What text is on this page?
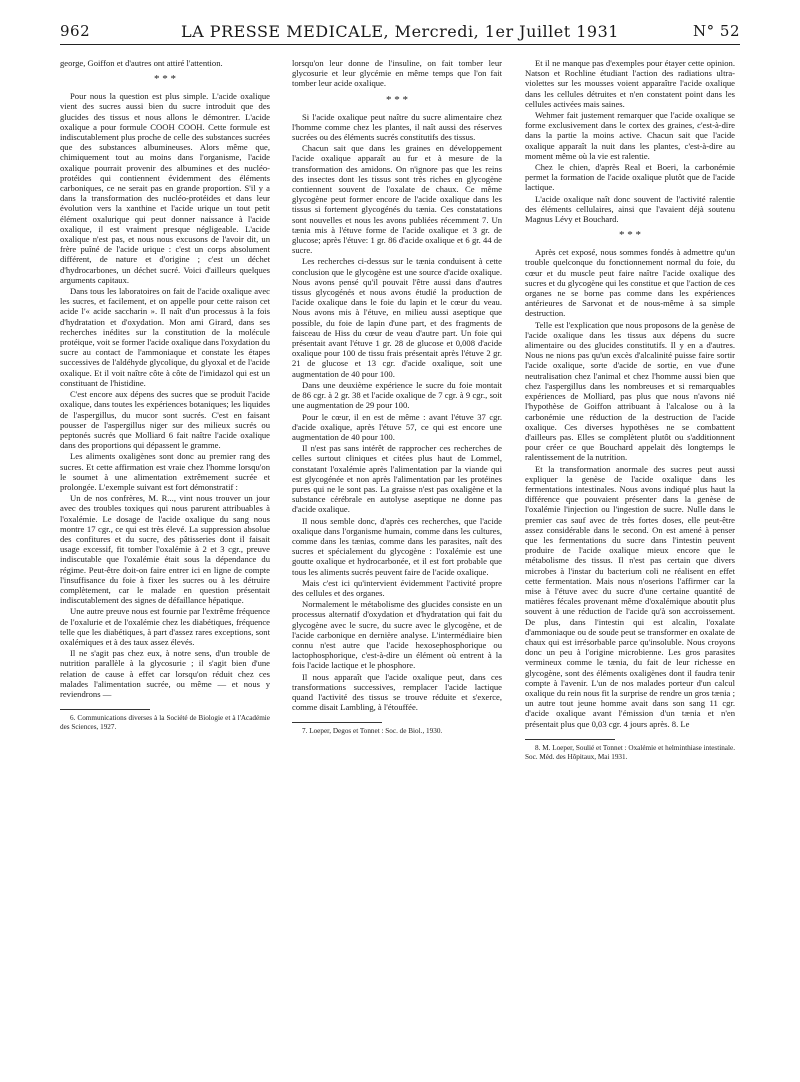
962	LA PRESSE MEDICALE, Mercredi, 1er Juillet 1931	N° 52

george, Goiffon et d'autres ont attiré l'attention.

* * *

Pour nous la question est plus simple. L'acide oxalique vient des sucres aussi bien du sucre introduit que des glucides des tissus et nous allons le démontrer. L'acide oxalique a pour formule COOH COOH. Cette formule est indiscutablement plus proche de celle des substances sucrées que des substances albumineuses. Alors même que, chimiquement tout au moins dans l'organisme, l'acide oxalique pourrait provenir des albumines et des nucléo-protéides qui contiennent évidemment des éléments carboniques, ce ne serait pas en grande proportion. S'il y a dans la transformation des nucléo-protéides et dans leur évolution vers la xanthine et l'acide urique un tout petit élément oxalurique qui peut donner naissance à l'acide oxalique, il est vraiment presque négligeable. L'acide oxalique n'est pas, et nous nous excusons de l'avoir dit, un frère puîné de l'acide urique : c'est un corps absolument différent, de nature et d'origine ; c'est un déchet d'hydrocarbones, un déchet sucré. Voici d'ailleurs quelques arguments capitaux.

Dans tous les laboratoires on fait de l'acide oxalique avec les sucres, et facilement, et on appelle pour cette raison cet acide l'« acide saccharin ». Il naît d'un processus à la fois d'hydratation et d'oxydation. Mon ami Girard, dans ses recherches inédites sur la constitution de la molécule protéique, voit se former l'acide oxalique dans l'oxydation du sucre au contact de l'ammoniaque et constate les étapes successives de l'aldéhyde glycolique, du glyoxal et de l'acide oxalique. Et il voit naître côte à côte de l'imidazol qui est un constituant de l'histidine.

C'est encore aux dépens des sucres que se produit l'acide oxalique, dans toutes les expériences botaniques; les liquides de l'aspergillus, du mucor sont sucrés. C'est en faisant pousser de l'aspergillus niger sur des milieux sucrés ou peptonés sucrés que Molliard 6 fait naître l'acide oxalique dans des proportions qui dépassent le gramme.

Les aliments oxaligènes sont donc au premier rang des sucres. Et cette affirmation est vraie chez l'homme lorsqu'on le soumet à une alimentation extrêmement sucrée et prolongée. L'exemple suivant est fort démonstratif :

Un de nos confrères, M. R..., vint nous trouver un jour avec des troubles toxiques qui nous parurent attribuables à l'oxalémie. Le dosage de l'acide oxalique du sang nous montre 17 cgr., ce qui est très élevé. La suppression absolue des confitures et du sucre, des pâtisseries dont il faisait usage excessif, fit tomber l'oxalémie à 2 et 3 cgr., preuve indiscutable que l'oxalémie était sous la dépendance du régime. Peut-être doit-on faire entrer ici en ligne de compte l'insuffisance du foie à fixer les sucres ou à les détruire complètement, car le malade en question présentait indiscutablement des signes de défaillance hépatique.

Une autre preuve nous est fournie par l'extrême fréquence de l'oxalurie et de l'oxalémie chez les diabétiques, fréquence telle que les diabétiques, à part d'assez rares exceptions, sont oxalémiques et à des taux assez élevés.

Il ne s'agit pas chez eux, à notre sens, d'un trouble de nutrition parallèle à la glycosurie ; il s'agit bien d'une relation de cause à effet car lorsqu'on réduit chez ces malades l'alimentation sucrée, ou même — et nous y reviendrons —

6. Communications diverses à la Société de Biologie et à l'Académie des Sciences, 1927.

lorsqu'on leur donne de l'insuline, on fait tomber leur glycosurie et leur glycémie en même temps que l'on fait tomber leur acide oxalique.

* * *

Si l'acide oxalique peut naître du sucre alimentaire chez l'homme comme chez les plantes, il naît aussi des réserves sucrées ou des éléments sucrés constitutifs des tissus.

Chacun sait que dans les graines en développement l'acide oxalique apparaît au fur et à mesure de la transformation des amidons. On n'ignore pas que les reins des insectes dont les tissus sont très riches en glycogène contiennent souvent de l'oxalate de chaux. Ce même glycogène peut former encore de l'acide oxalique dans les tissus si fortement glycogénés du tænia. Ces constatations sont nouvelles et nous les avons publiées récemment 7. Un tænia mis à l'étuve forme de l'acide oxalique et 3 gr. de glucose; après l'étuve: 1 gr. 86 d'acide oxalique et 6 gr. 44 de sucre.

Les recherches ci-dessus sur le tænia conduisent à cette conclusion que le glycogène est une source d'acide oxalique. Nous avons pensé qu'il pouvait l'être aussi dans d'autres tissus glycogénés et nous avons étudié la production de l'acide oxalique dans le foie du lapin et le cœur du veau. Nous avons mis à l'étuve, en milieu aussi aseptique que possible, du foie de lapin d'une part, et des fragments de faisceau de Hiss du cœur de veau d'autre part. Un foie qui présentait avant l'étuve 1 gr. 28 de glucose et 0,008 d'acide oxalique pour 100 de tissu frais présentait après l'étuve 2 gr. 21 de glucose et 13 cgr. d'acide oxalique, soit une augmentation de 40 pour 100.

Dans une deuxième expérience le sucre du foie montait de 86 cgr. à 2 gr. 38 et l'acide oxalique de 7 cgr. à 9 cgr., soit une augmentation de 29 pour 100.

Pour le cœur, il en est de même : avant l'étuve 37 cgr. d'acide oxalique, après l'étuve 57, ce qui est encore une augmentation de 40 pour 100.

Il n'est pas sans intérêt de rapprocher ces recherches de celles surtout cliniques et citées plus haut de Lommel, constatant l'oxalémie après l'alimentation par la viande qui est glycogénée et non après l'alimentation par les protéines pures qui ne le sont pas. La graisse n'est pas oxaligène et la substance cérébrale en autolyse aseptique ne donne pas d'acide oxalique.

Il nous semble donc, d'après ces recherches, que l'acide oxalique dans l'organisme humain, comme dans les cultures, comme dans les tænias, comme dans les parasites, naît des sucres et spécialement du glycogène : l'oxalémie est une goutte oxalique et hydrocarbonée, et il est fort probable que tous les aliments sucrés peuvent faire de l'acide oxalique.

Mais c'est ici qu'intervient évidemment l'activité propre des cellules et des organes.

Normalement le métabolisme des glucides consiste en un processus alternatif d'oxydation et d'hydratation qui fait du glycogène avec le sucre, du sucre avec le glycogène, et de l'acide carbonique en dernière analyse. L'intermédiaire bien connu n'est autre que l'acide hexosephosphorique ou lactophosphorique, c'est-à-dire un élément où entrent à la fois l'acide lactique et le phosphore.

Il nous apparaît que l'acide oxalique peut, dans ces transformations successives, remplacer l'acide lactique quand l'activité des tissus se trouve réduite et s'exerce, comme disait Lambling, à l'étouffée.

7. Loeper, Degos et Tonnet : Soc. de Biol., 1930.

Et il ne manque pas d'exemples pour étayer cette opinion. Natson et Rochline étudiant l'action des radiations ultra-violettes sur les mousses voient apparaître l'acide oxalique dans les cellules détruites et n'en constatent point dans les cellules activées mais saines.

Wehmer fait justement remarquer que l'acide oxalique se forme exclusivement dans le cortex des graines, c'est-à-dire dans la partie la moins active. Chacun sait que l'acide oxalique apparaît la nuit dans les plantes, c'est-à-dire au moment même où la vie est ralentie.

Chez le chien, d'après Real et Boeri, la carbonémie permet la formation de l'acide oxalique plutôt que de l'acide lactique.

L'acide oxalique naît donc souvent de l'activité ralentie des éléments cellulaires, ainsi que l'avaient déjà soutenu Magnus Lévy et Bouchard.

* * *

Après cet exposé, nous sommes fondés à admettre qu'un trouble quelconque du fonctionnement normal du foie, du cœur et du muscle peut faire naître l'acide oxalique des sucres et du glycogène qui les constitue et que l'action de ces organes ne se borne pas comme dans les expériences antérieures de Sarvonat et de nous-même à sa simple destruction.

Telle est l'explication que nous proposons de la genèse de l'acide oxalique dans les tissus aux dépens du sucre alimentaire ou des glucides constitutifs. Il y en a d'autres. Nous ne nions pas qu'un excès d'alcalinité puisse faire sortir l'acide oxalique, sorte d'acide de sortie, en vue d'une neutralisation chez l'animal et chez l'homme aussi bien que chez l'aspergillus dans les nombreuses et si remarquables expériences de Molliard, pas plus que nous n'avons nié l'hypothèse de Goiffon attribuant à l'alcalose ou à la carbonémie une réduction de la destruction de l'acide oxalique. Ces diverses hypothèses ne se combattent d'ailleurs pas. Elles se complètent plutôt ou s'additionnent pour créer ce que Bouchard appelait dès longtemps le ralentissement de la nutrition.

Et la transformation anormale des sucres peut aussi expliquer la genèse de l'acide oxalique dans les fermentations intestinales. Nous avons indiqué plus haut la différence que pouvaient présenter dans la genèse de l'oxalémie l'injection ou l'ingestion de sucre. Nulle dans le premier cas sauf avec de très fortes doses, elle peut-être assez considérable dans le second. On est amené à penser que les fermentations du sucre dans l'intestin peuvent produire de l'acide oxalique mieux encore que le métabolisme des tissus. Il n'est pas certain que divers microbes à l'instar du bacterium coli ne réalisent en effet cette fermentation. Mais nous n'oserions l'affirmer car la mise à l'étuve avec du sucre d'une certaine quantité de matières fécales provenant même d'oxalémique aboutit plus souvent à une réduction de l'acide qu'à son accroissement. De plus, dans l'intestin qui est alcalin, l'oxalate d'ammoniaque ou de soude peut se transformer en oxalate de chaux qui est irrésorbable parce qu'insoluble. Nous croyons donc un peu à l'origine microbienne. Les gros parasites vermineux comme le tænia, du fait de leur richesse en glycogène, sont des éléments oxaligènes dont il faudra tenir compte à l'avenir. L'un de nos malades porteur d'un calcul oxalique du rein nous fit la surprise de rendre un gros tænia ; un autre tout jeune homme avait dans son sang 11 cgr. d'acide oxalique avant l'émission d'un tænia et n'en présentait plus que 0,03 cgr. 4 jours après. 8. Le

8. M. Loeper, Soulié et Tonnet : Oxalémie et helminthiase intestinale. Soc. Méd. des Hôpitaux, Mai 1931.
